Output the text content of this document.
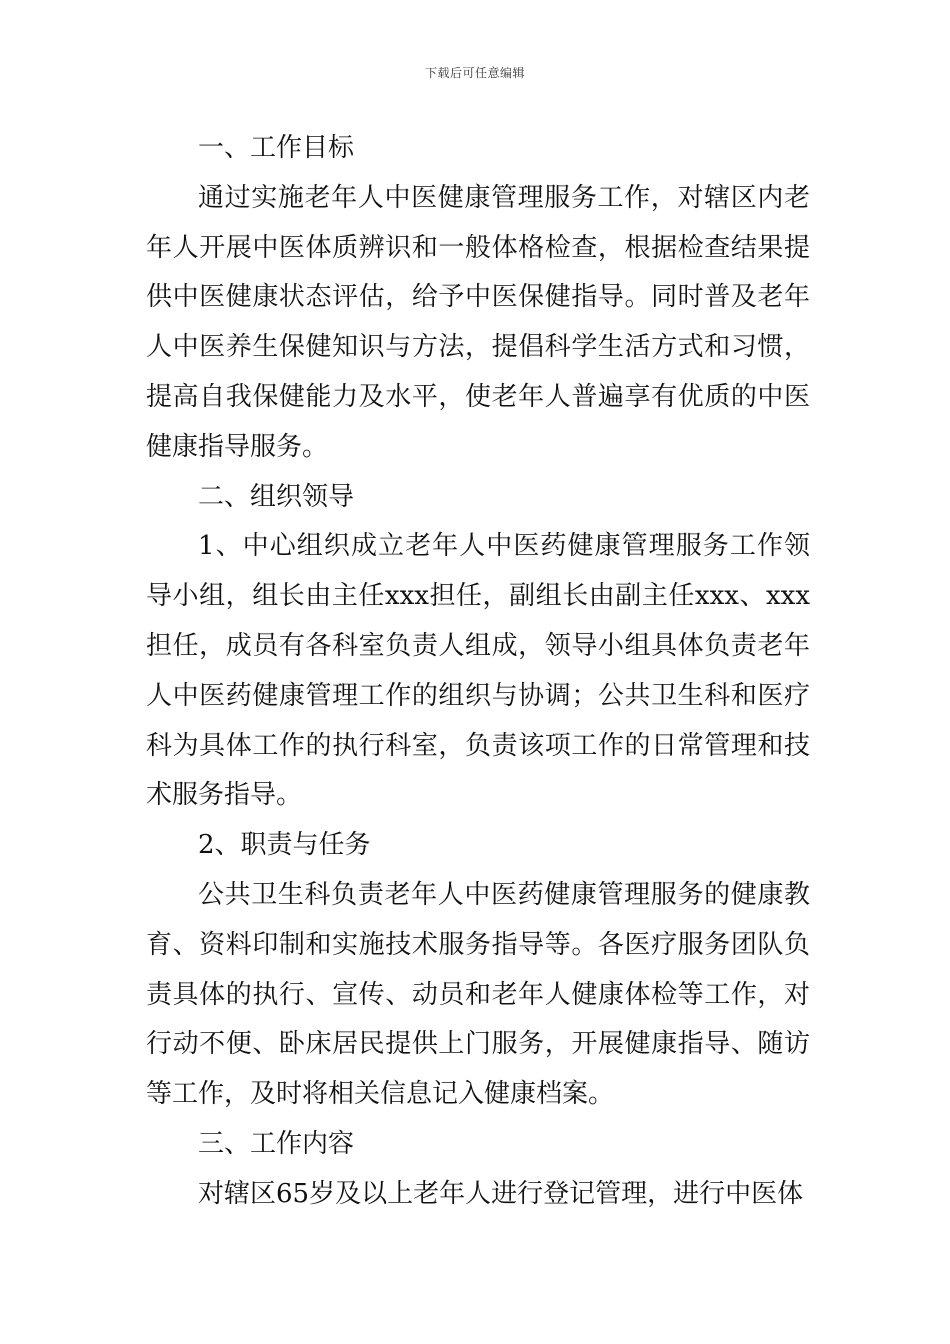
下载后可任意编辑

一、工作目标

通过实施老年人中医健康管理服务工作，对辖区内老年人开展中医体质辨识和一般体格检查，根据检查结果提供中医健康状态评估，给予中医保健指导。同时普及老年人中医养生保健知识与方法，提倡科学生活方式和习惯，提高自我保健能力及水平，使老年人普遍享有优质的中医健康指导服务。

二、组织领导

1、中心组织成立老年人中医药健康管理服务工作领导小组，组长由主任xxx担任，副组长由副主任xxx、xxx担任，成员有各科室负责人组成，领导小组具体负责老年人中医药健康管理工作的组织与协调；公共卫生科和医疗科为具体工作的执行科室，负责该项工作的日常管理和技术服务指导。

2、职责与任务

公共卫生科负责老年人中医药健康管理服务的健康教育、资料印制和实施技术服务指导等。各医疗服务团队负责具体的执行、宣传、动员和老年人健康体检等工作，对行动不便、卧床居民提供上门服务，开展健康指导、随访等工作，及时将相关信息记入健康档案。

三、工作内容

对辖区65岁及以上老年人进行登记管理，进行中医体
